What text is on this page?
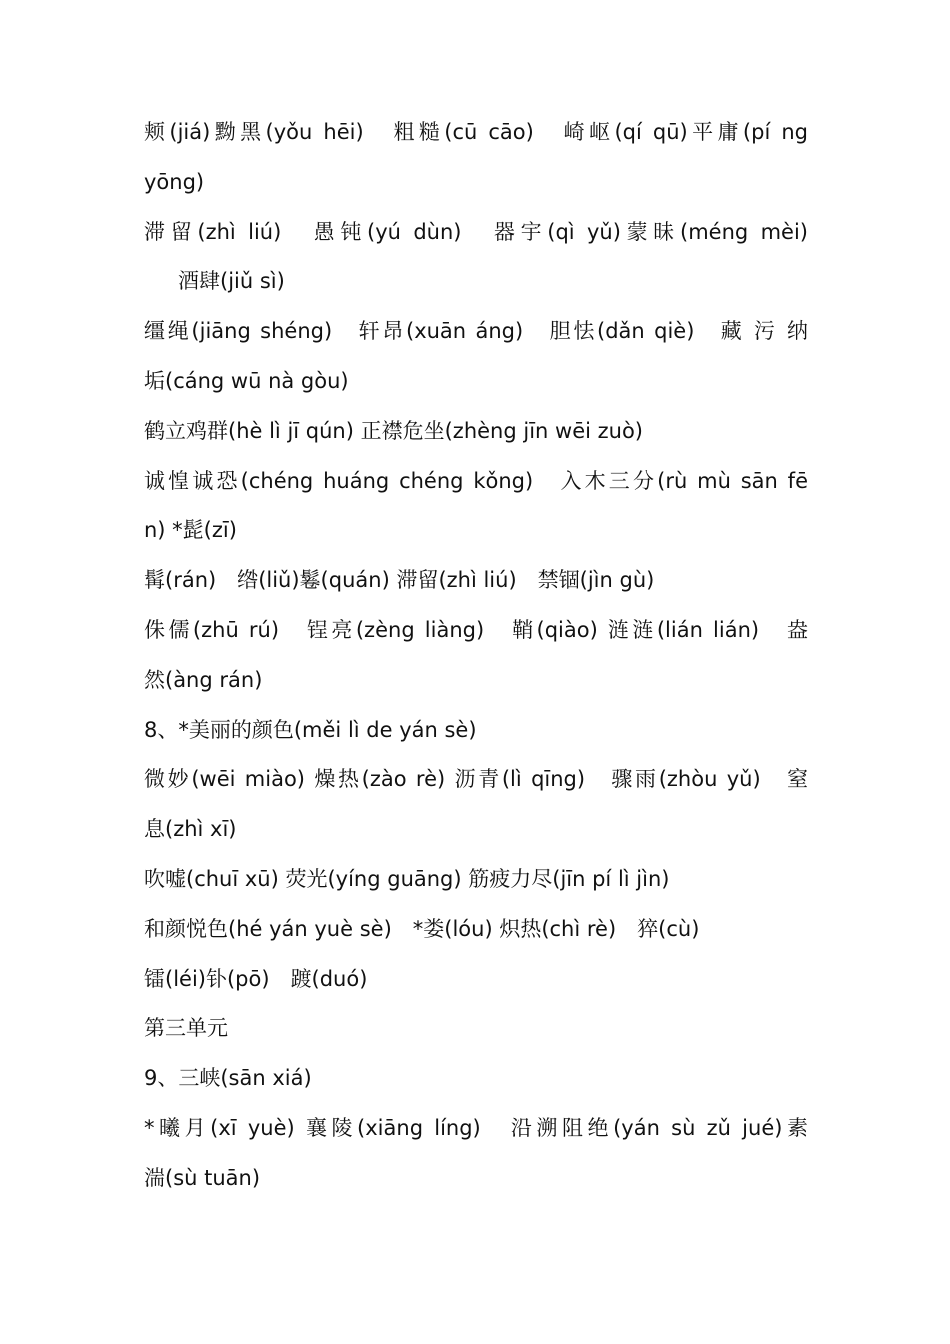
颊(jiá)黝黑(yǒu hēi)　粗糙(cū cāo)　崎岖(qí qū)平庸(pí ng
yōng)
滞留(zhì liú)　愚钝(yú dùn)　器宇(qì yǔ)蒙昧(méng mèi)
酒肆(jiǔ sì)
缰绳(jiāng shéng)　轩昂(xuān áng)　胆怯(dǎn qiè)　藏 污 纳
垢(cáng wū nà gòu)
鹤立鸡群(hè lì jī qún) 正襟危坐(zhèng jīn wēi zuò)
诚惶诚恐(chéng huáng chéng kǒng)　入木三分(rù mù sān fē
n) *髭(zī)
髯(rán)　绺(liǔ)鬈(quán) 滞留(zhì liú)　禁锢(jìn gù)
侏儒(zhū rú)　锃亮(zèng liàng)　鞘(qiào) 涟涟(lián lián)　盎
然(àng rán)
8、*美丽的颜色(měi lì de yán sè)
微妙(wēi miào) 燥热(zào rè) 沥青(lì qīng)　骤雨(zhòu yǔ)　窒
息(zhì xī)
吹嘘(chuī xū) 荧光(yíng guāng) 筋疲力尽(jīn pí lì jìn)
和颜悦色(hé yán yuè sè)　*娄(lóu) 炽热(chì rè)　猝(cù)
镭(léi)钋(pō)　踱(duó)
第三单元
9、三峡(sān xiá)
*曦月(xī yuè) 襄陵(xiāng líng)　沿溯阻绝(yán sù zǔ jué)素
湍(sù tuān)
